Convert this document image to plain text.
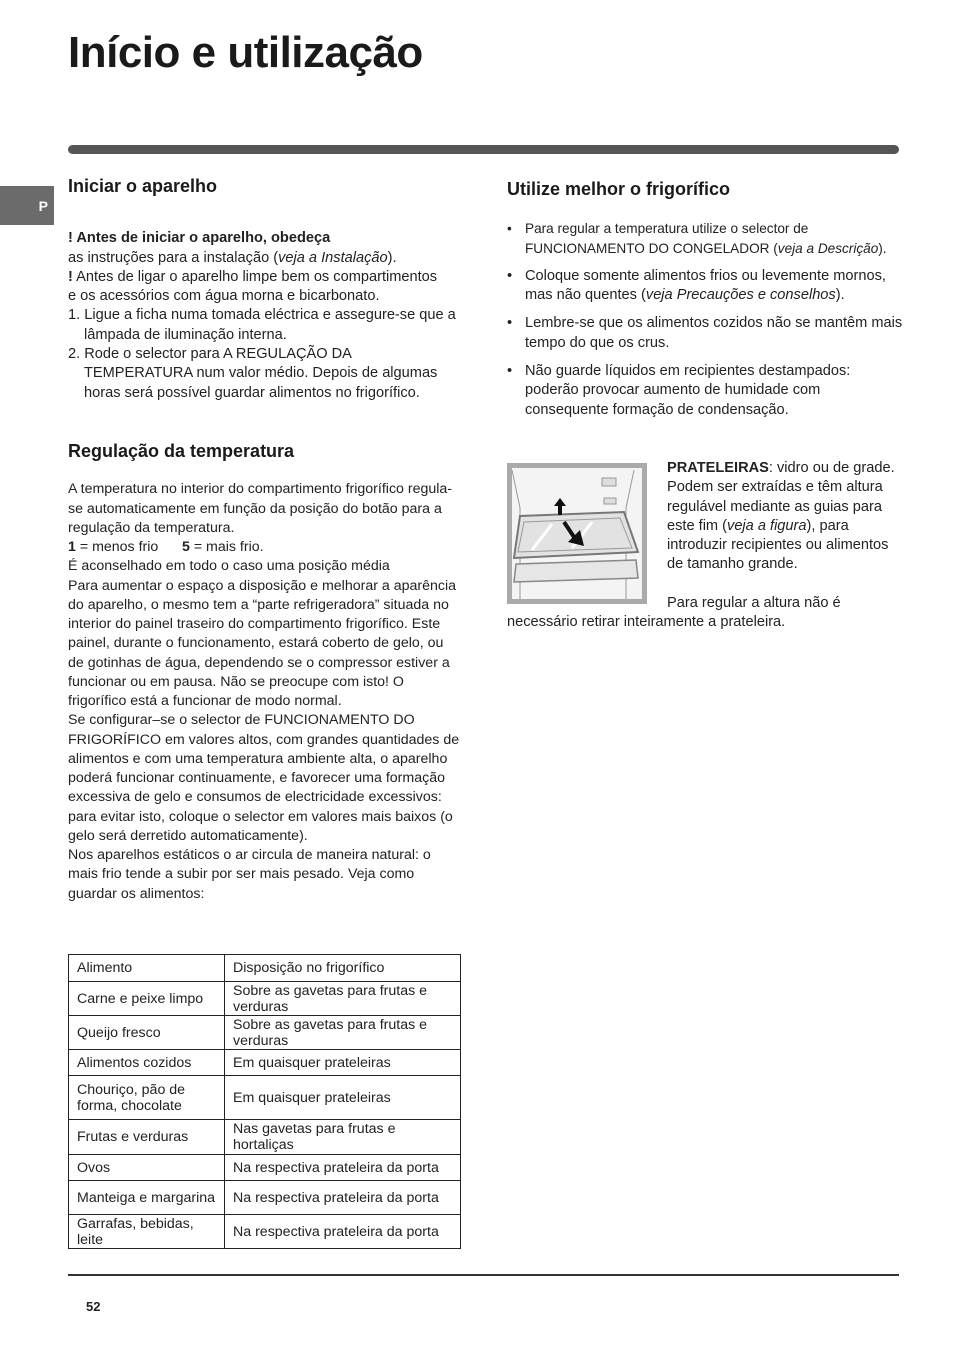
Início e utilização
P
Iniciar o aparelho

! Antes de iniciar o aparelho, obedeça
as instruções para a instalação (veja a Instalação).

! Antes de ligar o aparelho limpe bem os compartimentos
e os acessórios com água morna e bicarbonato.

1. Ligue a ficha numa tomada eléctrica e assegure-se que a lâmpada de iluminação interna.

2. Rode o selector para A REGULAÇÃO DA TEMPERATURA num valor médio. Depois de algumas horas será possível guardar alimentos no frigorífico.

Regulação da temperatura

A temperatura no interior do compartimento frigorífico regula-se automaticamente em função da posição do botão para a regulação da temperatura.

1 = menos frio 5 = mais frio.

É aconselhado em todo o caso uma posição média

Para aumentar o espaço a disposição e melhorar a aparência do aparelho, o mesmo tem a “parte refrigeradora” situada no interior do painel traseiro do compartimento frigorífico. Este painel, durante o funcionamento, estará coberto de gelo, ou de gotinhas de água, dependendo se o compressor estiver a funcionar ou em pausa. Não se preocupe com isto! O frigorífico está a funcionar de modo normal.

Se configurar–se o selector de FUNCIONAMENTO DO FRIGORÍFICO em valores altos, com grandes quantidades de alimentos e com uma temperatura ambiente alta, o aparelho poderá funcionar continuamente, e favorecer uma formação excessiva de gelo e consumos de electricidade excessivos: para evitar isto, coloque o selector em valores mais baixos (o gelo será derretido automaticamente).

Nos aparelhos estáticos o ar circula de maneira natural: o mais frio tende a subir por ser mais pesado. Veja como guardar os alimentos:

Alimento	Disposição no frigorífico
Carne e peixe limpo	Sobre as gavetas para frutas e verduras
Queijo fresco	Sobre as gavetas para frutas e verduras
Alimentos cozidos	Em quaisquer prateleiras
Chouriço, pão de forma, chocolate	Em quaisquer prateleiras
Frutas e verduras	Nas gavetas para frutas e hortaliças
Ovos	Na respectiva prateleira da porta
Manteiga e margarina	Na respectiva prateleira da porta
Garrafas, bebidas, leite	Na respectiva prateleira da porta
Utilize melhor o frigorífico

• Para regular a temperatura utilize o selector de FUNCIONAMENTO DO CONGELADOR (veja a Descrição).

• Coloque somente alimentos frios ou levemente mornos, mas não quentes (veja Precauções e conselhos).

• Lembre-se que os alimentos cozidos não se mantêm mais tempo do que os crus.

• Não guarde líquidos em recipientes destampados: poderão provocar aumento de humidade com consequente formação de condensação.

PRATELEIRAS: vidro ou de grade.

Podem ser extraídas e têm altura regulável mediante as guias para este fim (veja a figura), para introduzir recipientes ou alimentos de tamanho grande.

Para regular a altura não é necessário retirar inteiramente a prateleira.

52
